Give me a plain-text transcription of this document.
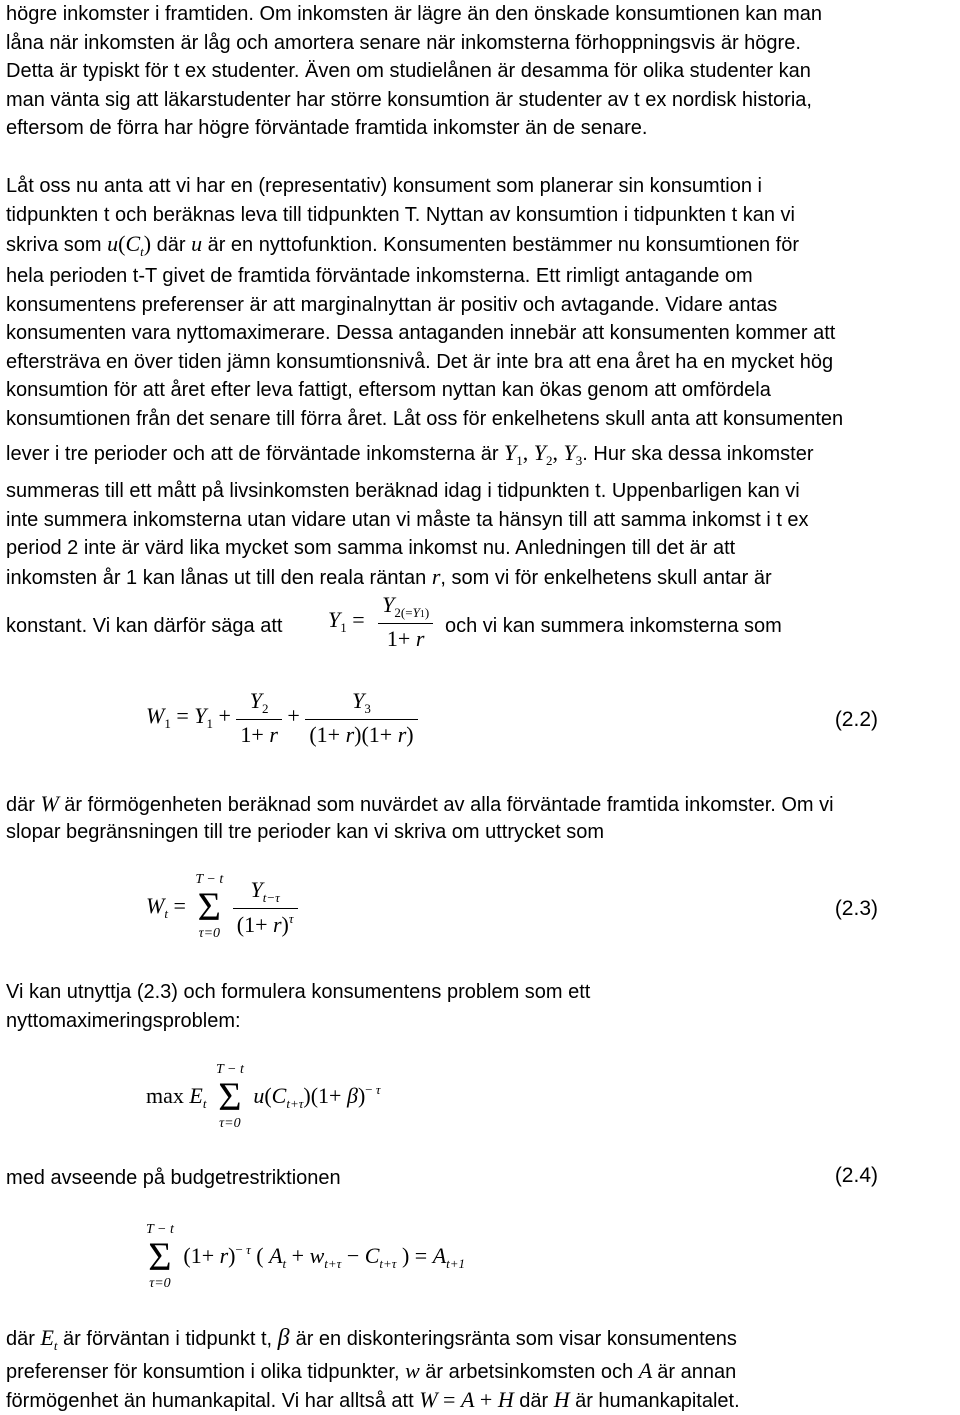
högre inkomster i framtiden. Om inkomsten är lägre än den önskade konsumtionen kan man
låna när inkomsten är låg och amortera senare när inkomsterna förhoppningsvis är högre.
Detta är typiskt för t ex studenter. Även om studielånen är desamma för olika studenter kan
man vänta sig att läkarstudenter har större konsumtion är studenter av t ex nordisk historia,
eftersom de förra har högre förväntade framtida inkomster än de senare.
Låt oss nu anta att vi har en (representativ) konsument som planerar sin konsumtion i
tidpunkten t och beräknas leva till tidpunkten T. Nyttan av konsumtion i tidpunkten t kan vi
skriva som $u(C_t)$ där u är en nyttofunktion. Konsumenten bestämmer nu konsumtionen för
hela perioden t-T givet de framtida förväntade inkomsterna. Ett rimligt antagande om
konsumentens preferenser är att marginalnyttan är positiv och avtagande. Vidare antas
konsumenten vara nyttomaximerare. Dessa antaganden innebär att konsumenten kommer att
eftersträva en över tiden jämn konsumtionsnivå. Det är inte bra att ena året ha en mycket hög
konsumtion för att året efter leva fattigt, eftersom nyttan kan ökas genom att omfördela
konsumtionen från det senare till förra året. Låt oss för enkelhetens skull anta att konsumenten
lever i tre perioder och att de förväntade inkomsterna är $Y_1$, $Y_2$, $Y_3$. Hur ska dessa inkomster
summeras till ett mått på livsinkomsten beräknad idag i tidpunkten t. Uppenbarligen kan vi
inte summera inkomsterna utan vidare utan vi måste ta hänsyn till att samma inkomst i t ex
period 2 inte är värd lika mycket som samma inkomst nu. Anledningen till det är att
inkomsten år 1 kan lånas ut till den reala räntan r, som vi för enkelhetens skull antar är
konstant. Vi kan därför säga att $Y_1 = \frac{Y_{2(=Y1)}}{1+ r}$ och vi kan summera inkomsterna som
$W_1 = Y_1 + \frac{Y_2}{1+ r} + \frac{Y_3}{(1+ r)(1+ r)}$	(2.2)
där W är förmögenheten beräknad som nuvärdet av alla förväntade framtida inkomster. Om vi
slopar begränsningen till tre perioder kan vi skriva om uttrycket som
$W_t$ =
T − t
Σ
τ=0
$\frac{Y_{t-\tau}}{(1+ r)^\tau}$	(2.3)
Vi kan utnyttja (2.3) och formulera konsumentens problem som ett
nyttomaximeringsproblem:
$\max E_t$
T − t
Σ
τ=0
$u(C_{t+\tau})(1+ \beta)^{- \tau}$
med avseende på budgetrestriktionen	(2.4)
T − t
Σ
τ=0
$(1+ r)^{- \tau}$ ( $A_t + w_{t+\tau} - C_{t+\tau}$ ) = $A_{t+1}$
där $E_t$ är förväntan i tidpunkt t, β är en diskonteringsränta som visar konsumentens
preferenser för konsumtion i olika tidpunkter, w är arbetsinkomsten och A är annan
förmögenhet än humankapital. Vi har alltså att W = A + H där H är humankapitalet.
